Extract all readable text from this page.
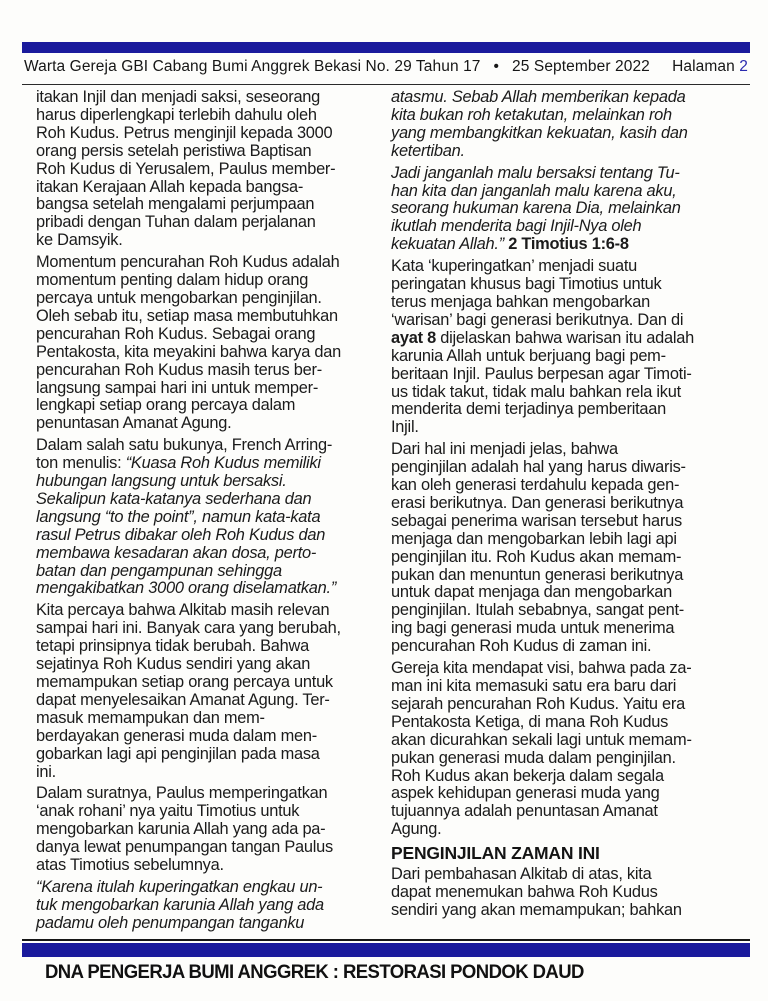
Warta Gereja GBI Cabang Bumi Anggrek Bekasi No. 29 Tahun 17 • 25 September 2022 Halaman 2

itakan Injil dan menjadi saksi, seseorang
harus diperlengkapi terlebih dahulu oleh
Roh Kudus. Petrus menginjil kepada 3000
orang persis setelah peristiwa Baptisan
Roh Kudus di Yerusalem, Paulus member-
itakan Kerajaan Allah kepada bangsa-
bangsa setelah mengalami perjumpaan
pribadi dengan Tuhan dalam perjalanan
ke Damsyik.

Momentum pencurahan Roh Kudus adalah
momentum penting dalam hidup orang
percaya untuk mengobarkan penginjilan.
Oleh sebab itu, setiap masa membutuhkan
pencurahan Roh Kudus. Sebagai orang
Pentakosta, kita meyakini bahwa karya dan
pencurahan Roh Kudus masih terus ber-
langsung sampai hari ini untuk memper-
lengkapi setiap orang percaya dalam
penuntasan Amanat Agung.

Dalam salah satu bukunya, French Arring-
ton menulis: “Kuasa Roh Kudus memiliki
hubungan langsung untuk bersaksi.
Sekalipun kata-katanya sederhana dan
langsung “to the point”, namun kata-kata
rasul Petrus dibakar oleh Roh Kudus dan
membawa kesadaran akan dosa, perto-
batan dan pengampunan sehingga
mengakibatkan 3000 orang diselamatkan.”

Kita percaya bahwa Alkitab masih relevan
sampai hari ini. Banyak cara yang berubah,
tetapi prinsipnya tidak berubah. Bahwa
sejatinya Roh Kudus sendiri yang akan
memampukan setiap orang percaya untuk
dapat menyelesaikan Amanat Agung. Ter-
masuk memampukan dan mem-
berdayakan generasi muda dalam men-
gobarkan lagi api penginjilan pada masa
ini.

Dalam suratnya, Paulus memperingatkan
‘anak rohani’ nya yaitu Timotius untuk
mengobarkan karunia Allah yang ada pa-
danya lewat penumpangan tangan Paulus
atas Timotius sebelumnya.

“Karena itulah kuperingatkan engkau un-
tuk mengobarkan karunia Allah yang ada
padamu oleh penumpangan tanganku

atasmu. Sebab Allah memberikan kepada
kita bukan roh ketakutan, melainkan roh
yang membangkitkan kekuatan, kasih dan
ketertiban.

Jadi janganlah malu bersaksi tentang Tu-
han kita dan janganlah malu karena aku,
seorang hukuman karena Dia, melainkan
ikutlah menderita bagi Injil-Nya oleh
kekuatan Allah.” 2 Timotius 1:6-8

Kata ‘kuperingatkan’ menjadi suatu
peringatan khusus bagi Timotius untuk
terus menjaga bahkan mengobarkan
‘warisan’ bagi generasi berikutnya. Dan di
ayat 8 dijelaskan bahwa warisan itu adalah
karunia Allah untuk berjuang bagi pem-
beritaan Injil. Paulus berpesan agar Timoti-
us tidak takut, tidak malu bahkan rela ikut
menderita demi terjadinya pemberitaan
Injil.

Dari hal ini menjadi jelas, bahwa
penginjilan adalah hal yang harus diwaris-
kan oleh generasi terdahulu kepada gen-
erasi berikutnya. Dan generasi berikutnya
sebagai penerima warisan tersebut harus
menjaga dan mengobarkan lebih lagi api
penginjilan itu. Roh Kudus akan memam-
pukan dan menuntun generasi berikutnya
untuk dapat menjaga dan mengobarkan
penginjilan. Itulah sebabnya, sangat pent-
ing bagi generasi muda untuk menerima
pencurahan Roh Kudus di zaman ini.

Gereja kita mendapat visi, bahwa pada za-
man ini kita memasuki satu era baru dari
sejarah pencurahan Roh Kudus. Yaitu era
Pentakosta Ketiga, di mana Roh Kudus
akan dicurahkan sekali lagi untuk memam-
pukan generasi muda dalam penginjilan.
Roh Kudus akan bekerja dalam segala
aspek kehidupan generasi muda yang
tujuannya adalah penuntasan Amanat
Agung.

PENGINJILAN ZAMAN INI

Dari pembahasan Alkitab di atas, kita
dapat menemukan bahwa Roh Kudus
sendiri yang akan memampukan; bahkan

DNA PENGERJA BUMI ANGGREK : RESTORASI PONDOK DAUD
